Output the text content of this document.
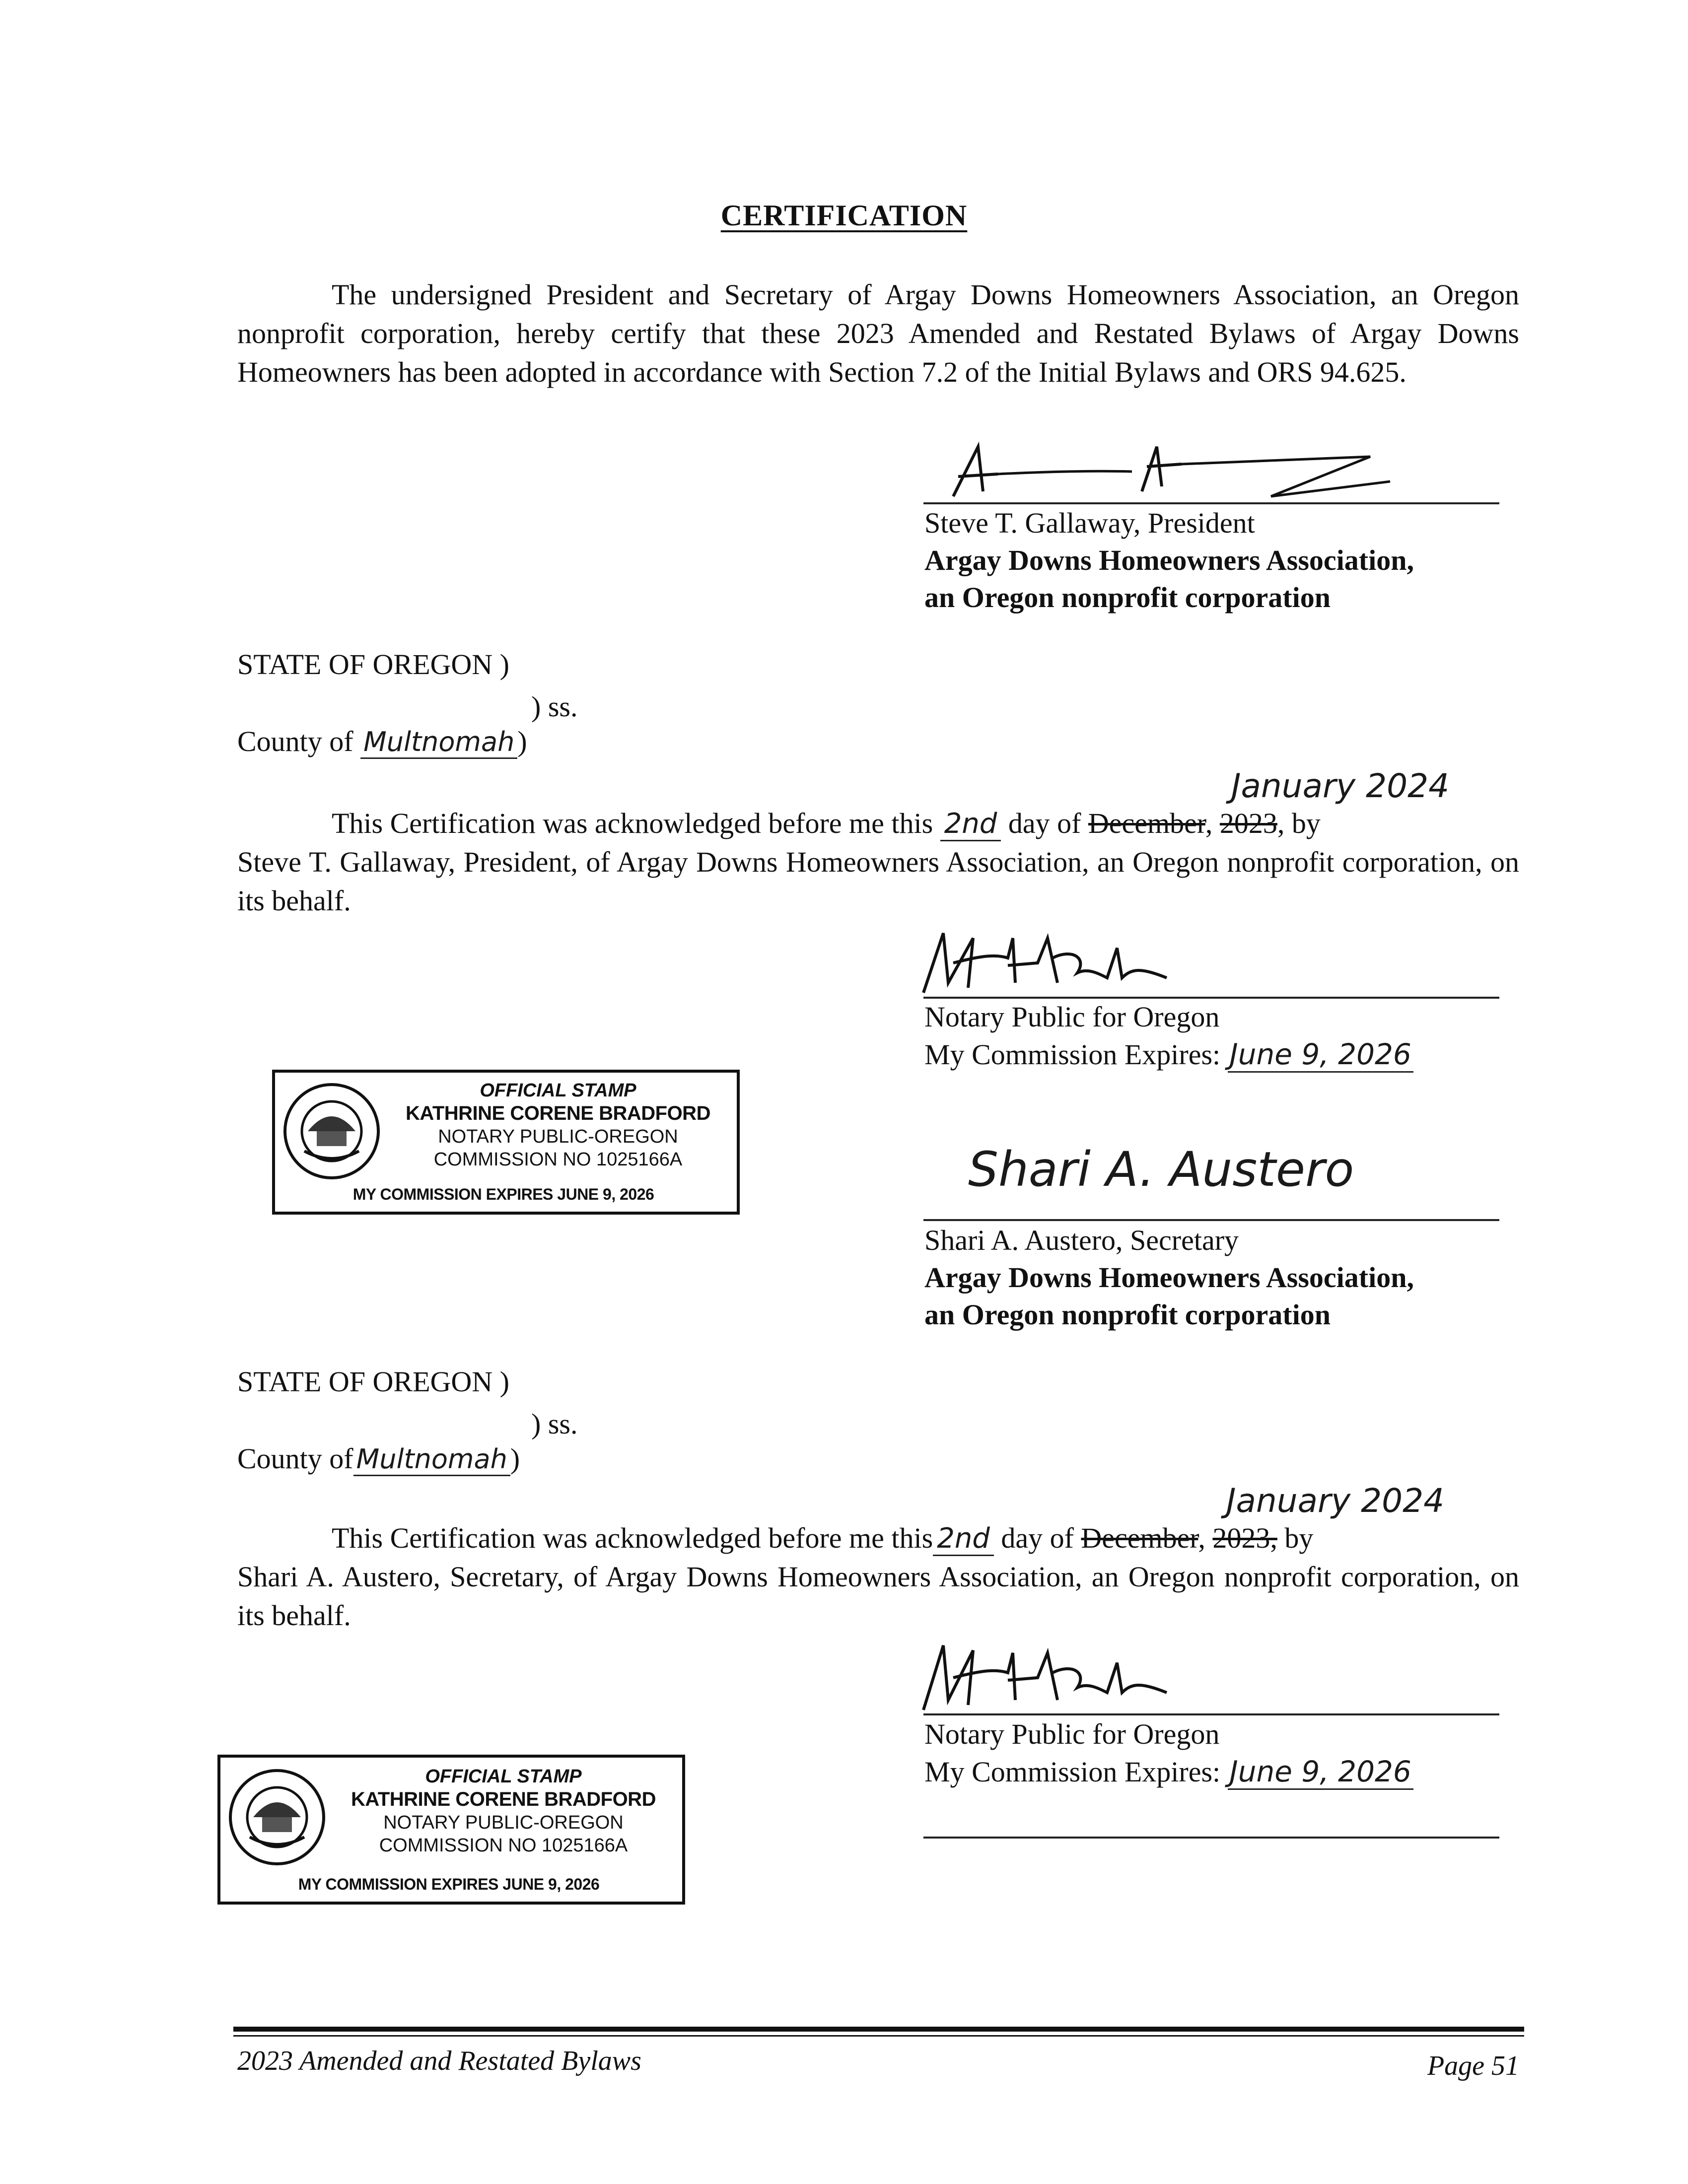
CERTIFICATION
The undersigned President and Secretary of Argay Downs Homeowners Association, an Oregon nonprofit corporation, hereby certify that these 2023 Amended and Restated Bylaws of Argay Downs Homeowners has been adopted in accordance with Section 7.2 of the Initial Bylaws and ORS 94.625.
Steve T. Gallaway, President
Argay Downs Homeowners Association,
an Oregon nonprofit corporation
STATE OF OREGON )
) ss.
County of Multnomah )
January 2024
This Certification was acknowledged before me this 2nd day of December, 2023, by
Steve T. Gallaway, President, of Argay Downs Homeowners Association, an Oregon nonprofit corporation, on its behalf.
Notary Public for Oregon
My Commission Expires: June 9, 2026
OFFICIAL STAMP
KATHRINE CORENE BRADFORD
NOTARY PUBLIC-OREGON
COMMISSION NO 1025166A
MY COMMISSION EXPIRES JUNE 9, 2026	Shari A. Austero
Shari A. Austero, Secretary
Argay Downs Homeowners Association,
an Oregon nonprofit corporation
STATE OF OREGON )
) ss.
County of Multnomah )
January 2024
This Certification was acknowledged before me this 2nd day of December, 2023, by
Shari A. Austero, Secretary, of Argay Downs Homeowners Association, an Oregon nonprofit corporation, on its behalf.
Notary Public for Oregon
My Commission Expires: June 9, 2026
OFFICIAL STAMP
KATHRINE CORENE BRADFORD
NOTARY PUBLIC-OREGON
COMMISSION NO 1025166A
MY COMMISSION EXPIRES JUNE 9, 2026
2023 Amended and Restated Bylaws	Page 51
